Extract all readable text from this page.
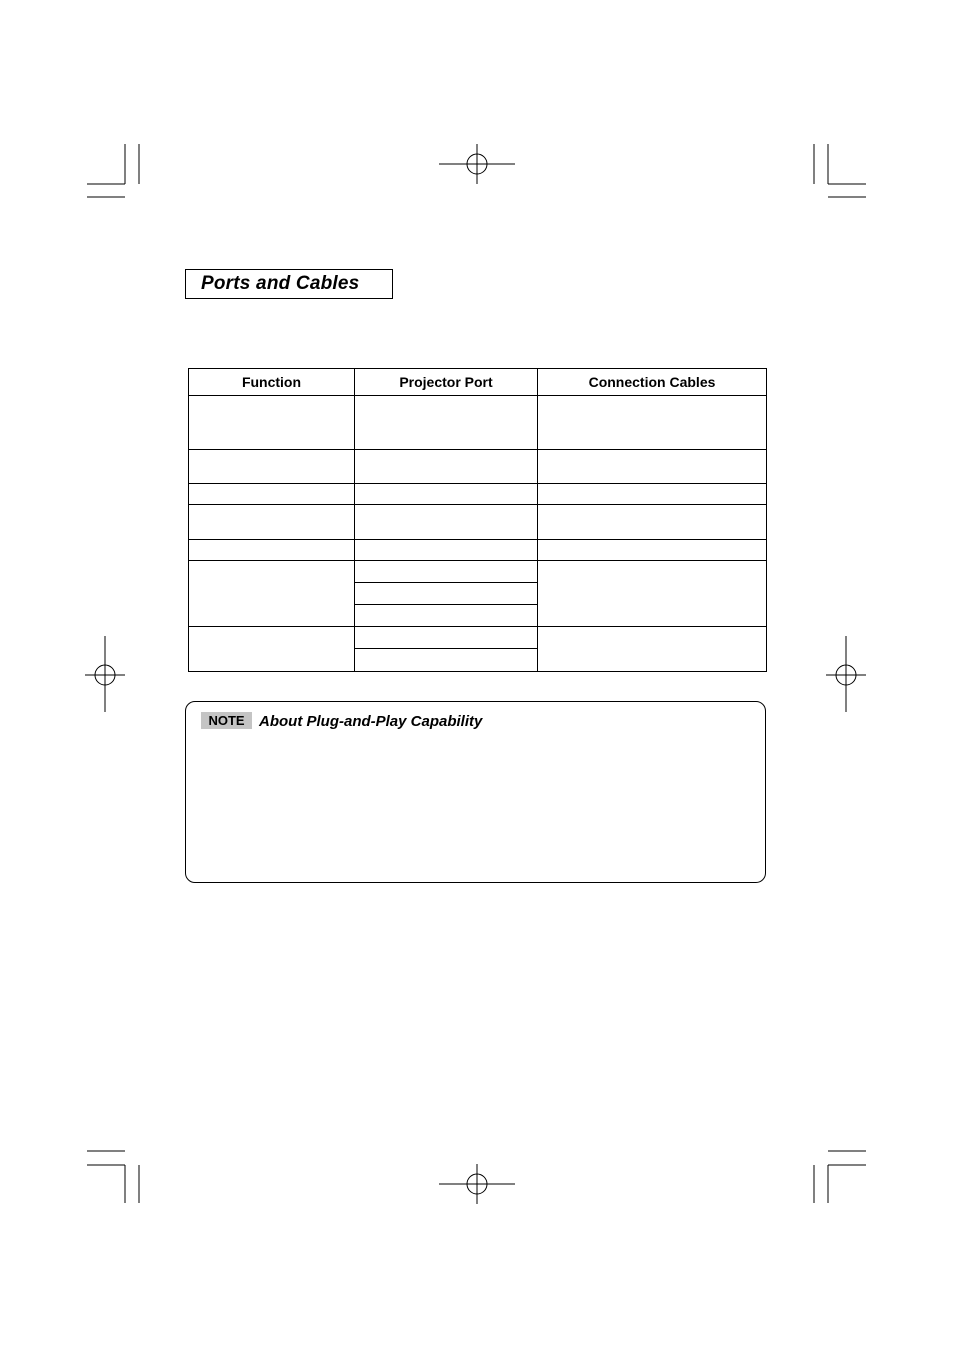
Ports and Cables
Function	Projector Port	Connection Cables

NOTE About Plug-and-Play Capability
